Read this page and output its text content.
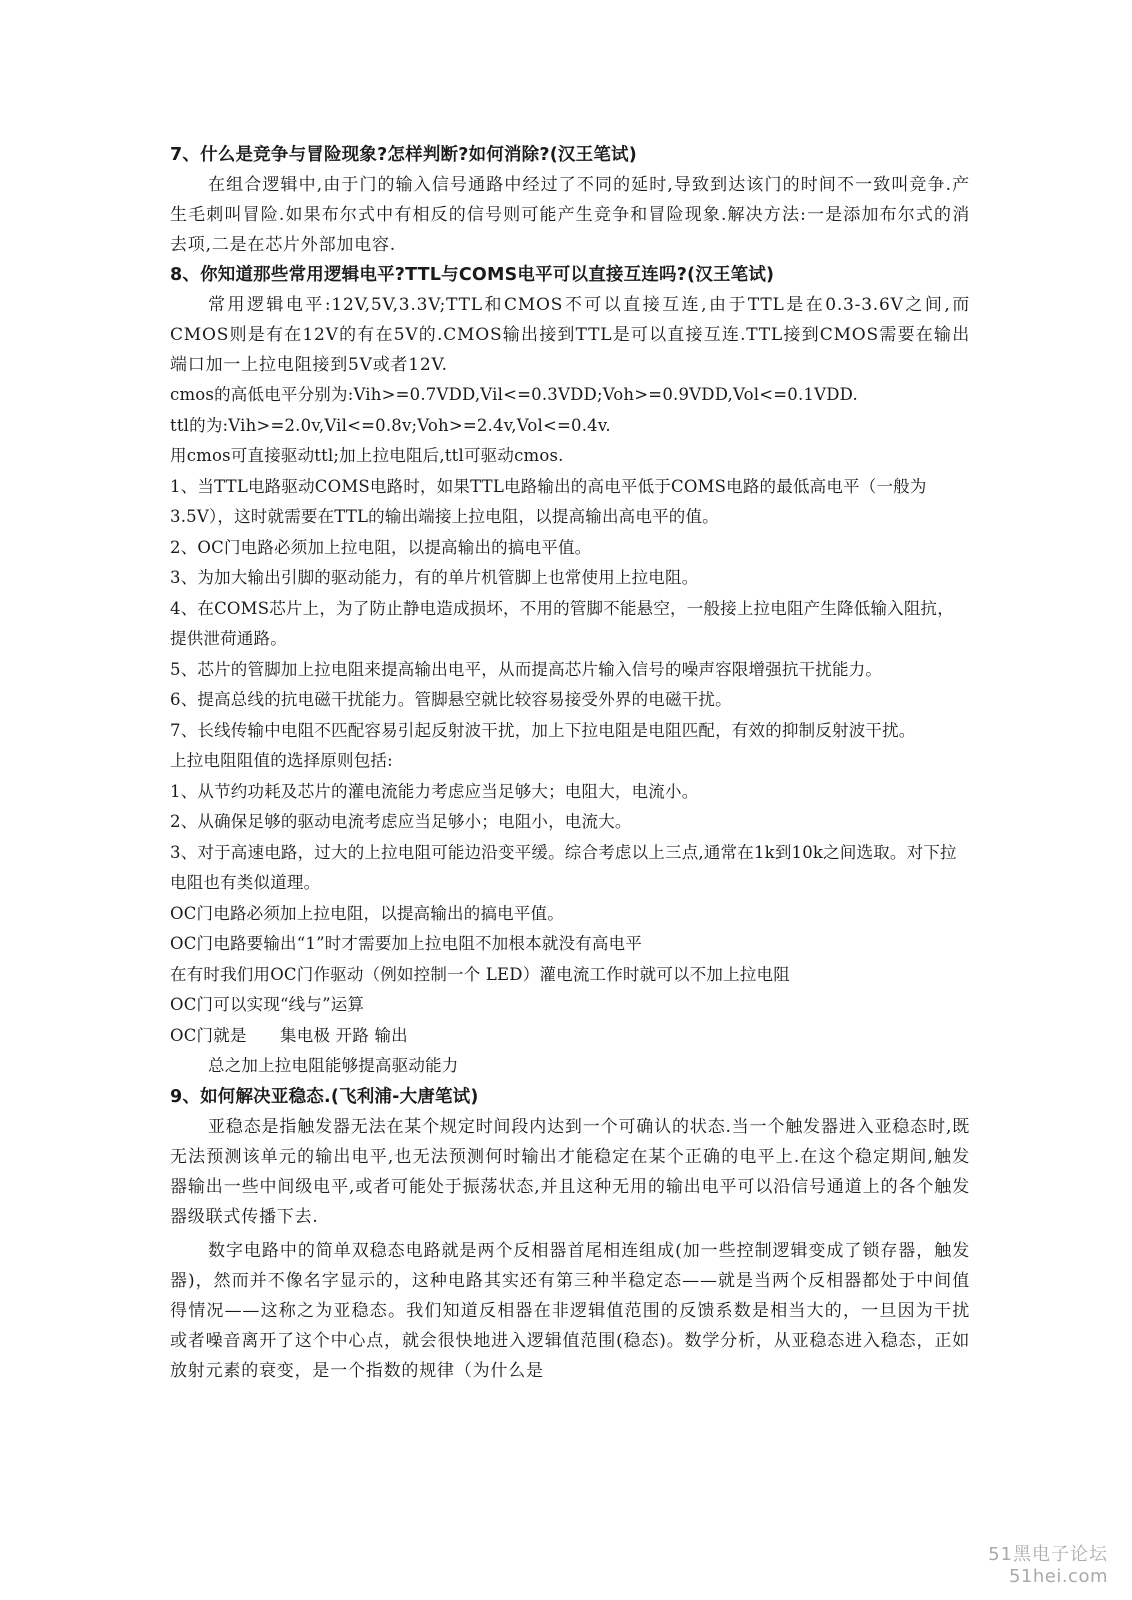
7、什么是竞争与冒险现象?怎样判断?如何消除?(汉王笔试)

在组合逻辑中,由于门的输入信号通路中经过了不同的延时,导致到达该门的时间不一致叫竞争.产生毛刺叫冒险.如果布尔式中有相反的信号则可能产生竞争和冒险现象.解决方法:一是添加布尔式的消去项,二是在芯片外部加电容.

8、你知道那些常用逻辑电平?TTL与COMS电平可以直接互连吗?(汉王笔试)

常用逻辑电平:12V,5V,3.3V;TTL和CMOS不可以直接互连,由于TTL是在0.3-3.6V之间,而CMOS则是有在12V的有在5V的.CMOS输出接到TTL是可以直接互连.TTL接到CMOS需要在输出端口加一上拉电阻接到5V或者12V.

cmos的高低电平分别为:Vih>=0.7VDD,Vil<=0.3VDD;Voh>=0.9VDD,Vol<=0.1VDD.

ttl的为:Vih>=2.0v,Vil<=0.8v;Voh>=2.4v,Vol<=0.4v.

用cmos可直接驱动ttl;加上拉电阻后,ttl可驱动cmos.

1、当TTL电路驱动COMS电路时，如果TTL电路输出的高电平低于COMS电路的最低高电平（一般为3.5V），这时就需要在TTL的输出端接上拉电阻，以提高输出高电平的值。

2、OC门电路必须加上拉电阻，以提高输出的搞电平值。

3、为加大输出引脚的驱动能力，有的单片机管脚上也常使用上拉电阻。

4、在COMS芯片上，为了防止静电造成损坏，不用的管脚不能悬空，一般接上拉电阻产生降低输入阻抗，提供泄荷通路。

5、芯片的管脚加上拉电阻来提高输出电平，从而提高芯片输入信号的噪声容限增强抗干扰能力。

6、提高总线的抗电磁干扰能力。管脚悬空就比较容易接受外界的电磁干扰。

7、长线传输中电阻不匹配容易引起反射波干扰，加上下拉电阻是电阻匹配，有效的抑制反射波干扰。

上拉电阻阻值的选择原则包括:

1、从节约功耗及芯片的灌电流能力考虑应当足够大；电阻大，电流小。

2、从确保足够的驱动电流考虑应当足够小；电阻小，电流大。

3、对于高速电路，过大的上拉电阻可能边沿变平缓。综合考虑以上三点,通常在1k到10k之间选取。对下拉电阻也有类似道理。

OC门电路必须加上拉电阻，以提高输出的搞电平值。

OC门电路要输出“1”时才需要加上拉电阻不加根本就没有高电平

在有时我们用OC门作驱动（例如控制一个 LED）灌电流工作时就可以不加上拉电阻

OC门可以实现“线与”运算

OC门就是　　集电极 开路 输出

总之加上拉电阻能够提高驱动能力

9、如何解决亚稳态.(飞利浦-大唐笔试)

亚稳态是指触发器无法在某个规定时间段内达到一个可确认的状态.当一个触发器进入亚稳态时,既无法预测该单元的输出电平,也无法预测何时输出才能稳定在某个正确的电平上.在这个稳定期间,触发器输出一些中间级电平,或者可能处于振荡状态,并且这种无用的输出电平可以沿信号通道上的各个触发器级联式传播下去.

数字电路中的简单双稳态电路就是两个反相器首尾相连组成(加一些控制逻辑变成了锁存器，触发器)，然而并不像名字显示的，这种电路其实还有第三种半稳定态——就是当两个反相器都处于中间值得情况——这称之为亚稳态。我们知道反相器在非逻辑值范围的反馈系数是相当大的，一旦因为干扰或者噪音离开了这个中心点，就会很快地进入逻辑值范围(稳态)。数学分析，从亚稳态进入稳态，正如放射元素的衰变，是一个指数的规律（为什么是

51黑电子论坛
51hei.com
